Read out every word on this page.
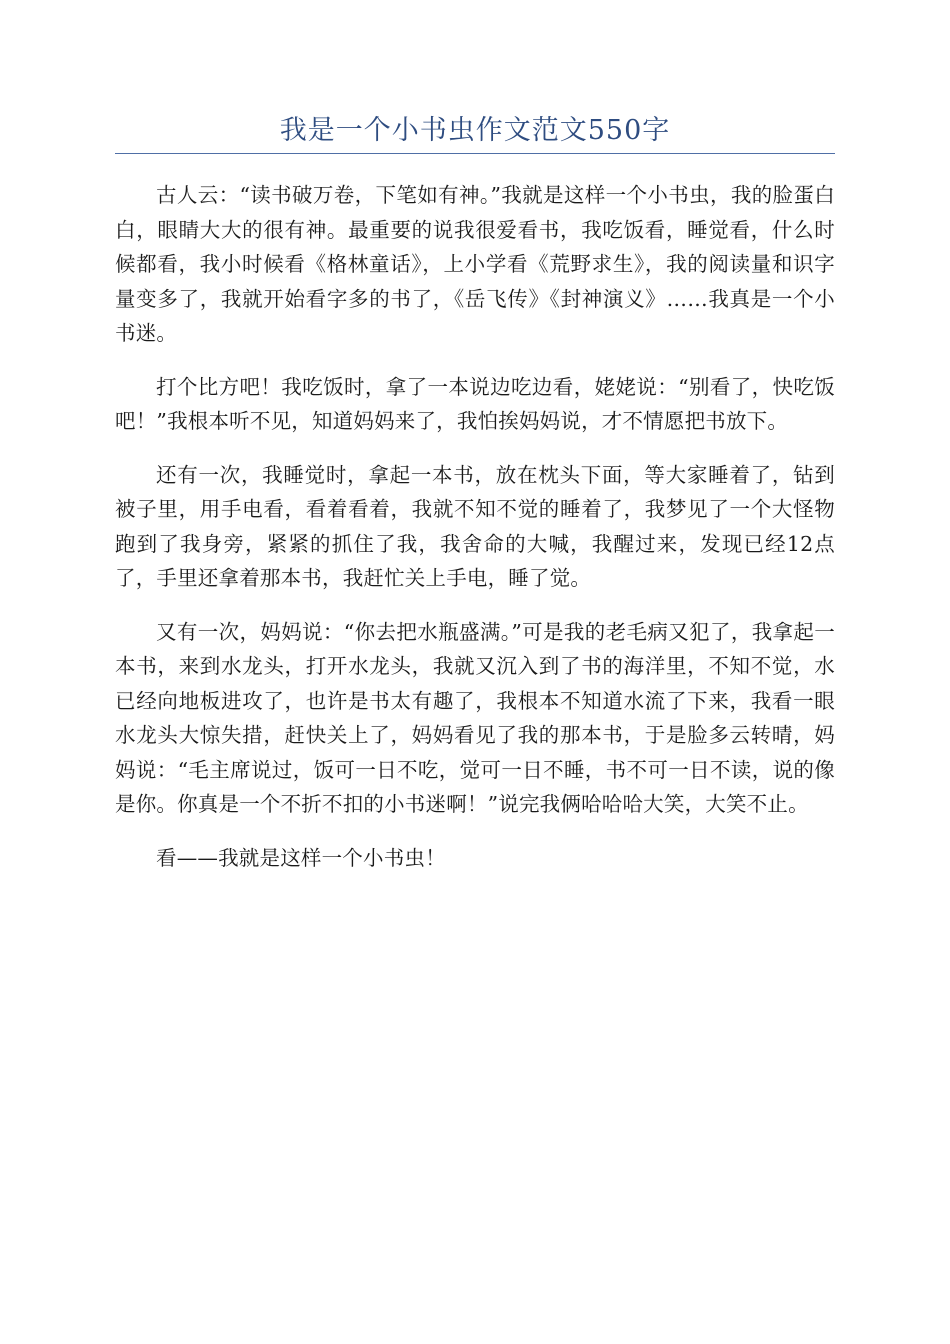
我是一个小书虫作文范文550字

古人云：“读书破万卷，下笔如有神。”我就是这样一个小书虫，我的脸蛋白白，眼睛大大的很有神。最重要的说我很爱看书，我吃饭看，睡觉看，什么时候都看，我小时候看《格林童话》，上小学看《荒野求生》，我的阅读量和识字量变多了，我就开始看字多的书了，《岳飞传》《封神演义》……我真是一个小书迷。

打个比方吧！我吃饭时，拿了一本说边吃边看，姥姥说：“别看了，快吃饭吧！”我根本听不见，知道妈妈来了，我怕挨妈妈说，才不情愿把书放下。

还有一次，我睡觉时，拿起一本书，放在枕头下面，等大家睡着了，钻到被子里，用手电看，看着看着，我就不知不觉的睡着了，我梦见了一个大怪物跑到了我身旁，紧紧的抓住了我，我舍命的大喊，我醒过来，发现已经12点了，手里还拿着那本书，我赶忙关上手电，睡了觉。

又有一次，妈妈说：“你去把水瓶盛满。”可是我的老毛病又犯了，我拿起一本书，来到水龙头，打开水龙头，我就又沉入到了书的海洋里，不知不觉，水已经向地板进攻了，也许是书太有趣了，我根本不知道水流了下来，我看一眼水龙头大惊失措，赶快关上了，妈妈看见了我的那本书，于是脸多云转晴，妈妈说：“毛主席说过，饭可一日不吃，觉可一日不睡，书不可一日不读，说的像是你。你真是一个不折不扣的小书迷啊！”说完我俩哈哈哈大笑，大笑不止。

看——我就是这样一个小书虫！
